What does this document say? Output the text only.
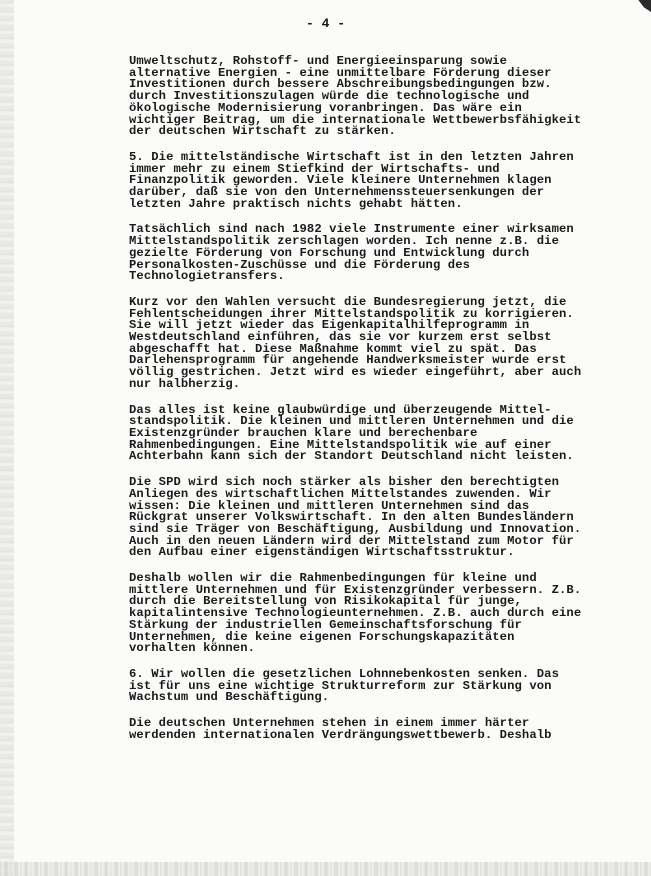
- 4 -

Umweltschutz, Rohstoff- und Energieeinsparung sowie
alternative Energien - eine unmittelbare Förderung dieser
Investitionen durch bessere Abschreibungsbedingungen bzw.
durch Investitionszulagen würde die technologische und
ökologische Modernisierung voranbringen. Das wäre ein
wichtiger Beitrag, um die internationale Wettbewerbsfähigkeit
der deutschen Wirtschaft zu stärken.

5. Die mittelständische Wirtschaft ist in den letzten Jahren
immer mehr zu einem Stiefkind der Wirtschafts- und
Finanzpolitik geworden. Viele kleinere Unternehmen klagen
darüber, daß sie von den Unternehmenssteuersenkungen der
letzten Jahre praktisch nichts gehabt hätten.

Tatsächlich sind nach 1982 viele Instrumente einer wirksamen
Mittelstandspolitik zerschlagen worden. Ich nenne z.B. die
gezielte Förderung von Forschung und Entwicklung durch
Personalkosten-Zuschüsse und die Förderung des
Technologietransfers.

Kurz vor den Wahlen versucht die Bundesregierung jetzt, die
Fehlentscheidungen ihrer Mittelstandspolitik zu korrigieren.
Sie will jetzt wieder das Eigenkapitalhilfeprogramm in
Westdeutschland einführen, das sie vor kurzem erst selbst
abgeschafft hat. Diese Maßnahme kommt viel zu spät. Das
Darlehensprogramm für angehende Handwerksmeister wurde erst
völlig gestrichen. Jetzt wird es wieder eingeführt, aber auch
nur halbherzig.

Das alles ist keine glaubwürdige und überzeugende Mittel-
standspolitik. Die kleinen und mittleren Unternehmen und die
Existenzgründer brauchen klare und berechenbare
Rahmenbedingungen. Eine Mittelstandspolitik wie auf einer
Achterbahn kann sich der Standort Deutschland nicht leisten.

Die SPD wird sich noch stärker als bisher den berechtigten
Anliegen des wirtschaftlichen Mittelstandes zuwenden. Wir
wissen: Die kleinen und mittleren Unternehmen sind das
Rückgrat unserer Volkswirtschaft. In den alten Bundesländern
sind sie Träger von Beschäftigung, Ausbildung und Innovation.
Auch in den neuen Ländern wird der Mittelstand zum Motor für
den Aufbau einer eigenständigen Wirtschaftsstruktur.

Deshalb wollen wir die Rahmenbedingungen für kleine und
mittlere Unternehmen und für Existenzgründer verbessern. Z.B.
durch die Bereitstellung von Risikokapital für junge,
kapitalintensive Technologieunternehmen. Z.B. auch durch eine
Stärkung der industriellen Gemeinschaftsforschung für
Unternehmen, die keine eigenen Forschungskapazitäten
vorhalten können.

6. Wir wollen die gesetzlichen Lohnnebenkosten senken. Das
ist für uns eine wichtige Strukturreform zur Stärkung von
Wachstum und Beschäftigung.

Die deutschen Unternehmen stehen in einem immer härter
werdenden internationalen Verdrängungswettbewerb. Deshalb
